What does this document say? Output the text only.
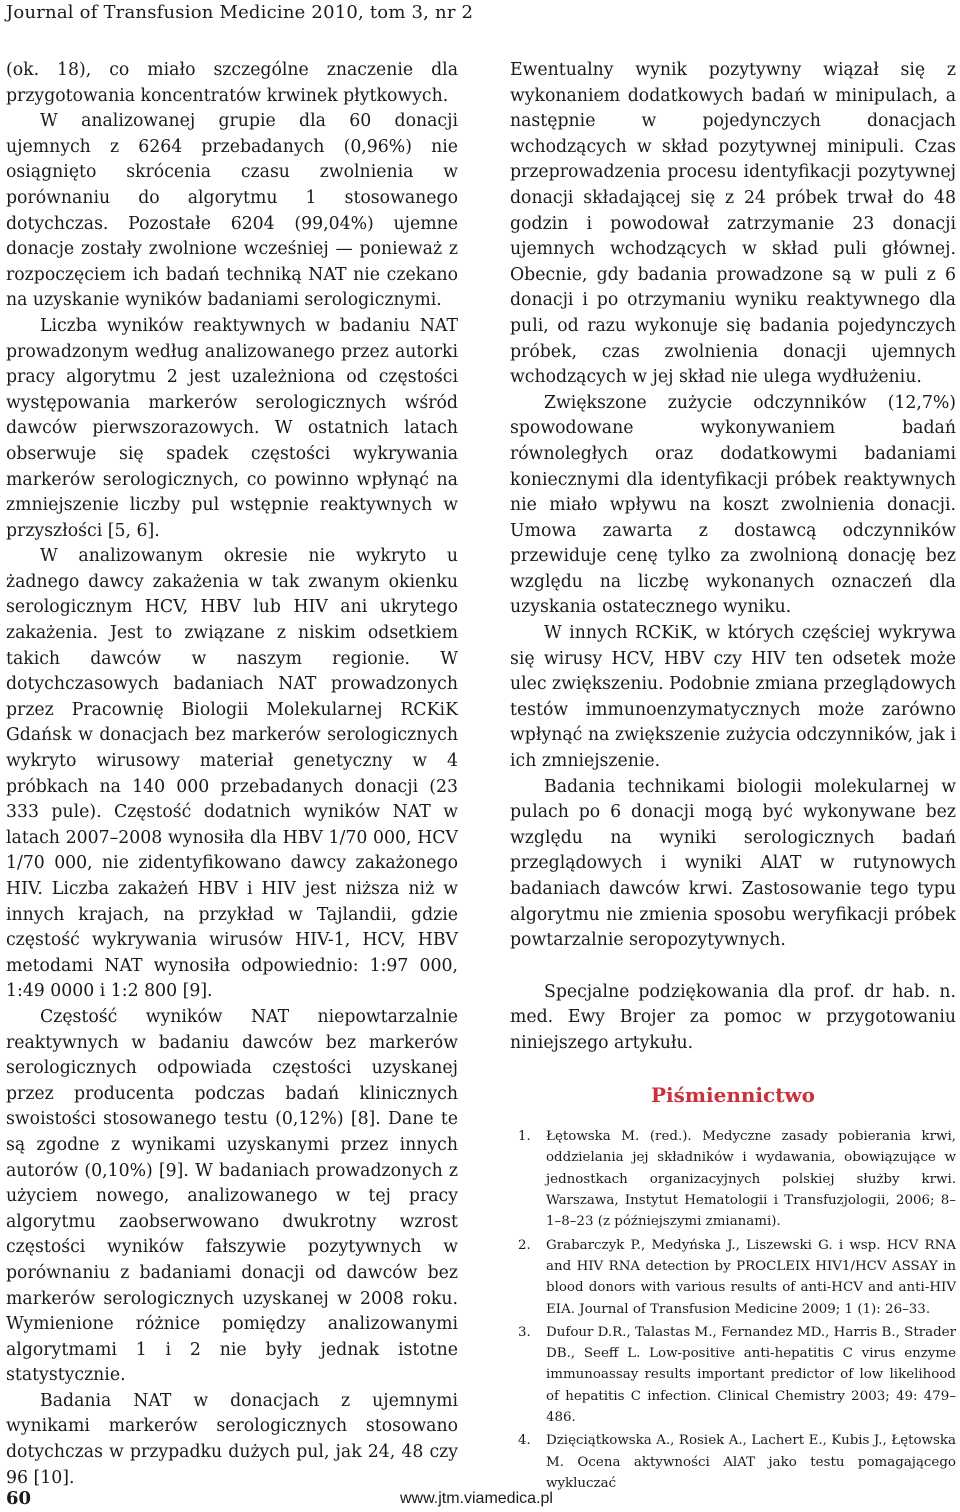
Journal of Transfusion Medicine 2010, tom 3, nr 2

(ok. 18), co miało szczególne znaczenie dla przygotowania koncentratów krwinek płytkowych.

W analizowanej grupie dla 60 donacji ujemnych z 6264 przebadanych (0,96%) nie osiągnięto skrócenia czasu zwolnienia w porównaniu do algorytmu 1 stosowanego dotychczas. Pozostałe 6204 (99,04%) ujemne donacje zostały zwolnione wcześniej — ponieważ z rozpoczęciem ich badań techniką NAT nie czekano na uzyskanie wyników badaniami serologicznymi.

Liczba wyników reaktywnych w badaniu NAT prowadzonym według analizowanego przez autorki pracy algorytmu 2 jest uzależniona od częstości występowania markerów serologicznych wśród dawców pierwszorazowych. W ostatnich latach obserwuje się spadek częstości wykrywania markerów serologicznych, co powinno wpłynąć na zmniejszenie liczby pul wstępnie reaktywnych w przyszłości [5, 6].

W analizowanym okresie nie wykryto u żadnego dawcy zakażenia w tak zwanym okienku serologicznym HCV, HBV lub HIV ani ukrytego zakażenia. Jest to związane z niskim odsetkiem takich dawców w naszym regionie. W dotychczasowych badaniach NAT prowadzonych przez Pracownię Biologii Molekularnej RCKiK Gdańsk w donacjach bez markerów serologicznych wykryto wirusowy materiał genetyczny w 4 próbkach na 140 000 przebadanych donacji (23 333 pule). Częstość dodatnich wyników NAT w latach 2007–2008 wynosiła dla HBV 1/70 000, HCV 1/70 000, nie zidentyfikowano dawcy zakażonego HIV. Liczba zakażeń HBV i HIV jest niższa niż w innych krajach, na przykład w Tajlandii, gdzie częstość wykrywania wirusów HIV-1, HCV, HBV metodami NAT wynosiła odpowiednio: 1:97 000, 1:49 0000 i 1:2 800 [9].

Częstość wyników NAT niepowtarzalnie reaktywnych w badaniu dawców bez markerów serologicznych odpowiada częstości uzyskanej przez producenta podczas badań klinicznych swoistości stosowanego testu (0,12%) [8]. Dane te są zgodne z wynikami uzyskanymi przez innych autorów (0,10%) [9]. W badaniach prowadzonych z użyciem nowego, analizowanego w tej pracy algorytmu zaobserwowano dwukrotny wzrost częstości wyników fałszywie pozytywnych w porównaniu z badaniami donacji od dawców bez markerów serologicznych uzyskanej w 2008 roku. Wymienione różnice pomiędzy analizowanymi algorytmami 1 i 2 nie były jednak istotne statystycznie.

Badania NAT w donacjach z ujemnymi wynikami markerów serologicznych stosowano dotychczas w przypadku dużych pul, jak 24, 48 czy 96 [10].

Ewentualny wynik pozytywny wiązał się z wykonaniem dodatkowych badań w minipulach, a następnie w pojedynczych donacjach wchodzących w skład pozytywnej minipuli. Czas przeprowadzenia procesu identyfikacji pozytywnej donacji składającej się z 24 próbek trwał do 48 godzin i powodował zatrzymanie 23 donacji ujemnych wchodzących w skład puli głównej. Obecnie, gdy badania prowadzone są w puli z 6 donacji i po otrzymaniu wyniku reaktywnego dla puli, od razu wykonuje się badania pojedynczych próbek, czas zwolnienia donacji ujemnych wchodzących w jej skład nie ulega wydłużeniu.

Zwiększone zużycie odczynników (12,7%) spowodowane wykonywaniem badań równoległych oraz dodatkowymi badaniami koniecznymi dla identyfikacji próbek reaktywnych nie miało wpływu na koszt zwolnienia donacji. Umowa zawarta z dostawcą odczynników przewiduje cenę tylko za zwolnioną donację bez względu na liczbę wykonanych oznaczeń dla uzyskania ostatecznego wyniku.

W innych RCKiK, w których częściej wykrywa się wirusy HCV, HBV czy HIV ten odsetek może ulec zwiększeniu. Podobnie zmiana przeglądowych testów immunoenzymatycznych może zarówno wpłynąć na zwiększenie zużycia odczynników, jak i ich zmniejszenie.

Badania technikami biologii molekularnej w pulach po 6 donacji mogą być wykonywane bez względu na wyniki serologicznych badań przeglądowych i wyniki AlAT w rutynowych badaniach dawców krwi. Zastosowanie tego typu algorytmu nie zmienia sposobu weryfikacji próbek powtarzalnie seropozytywnych.

Specjalne podziękowania dla prof. dr hab. n. med. Ewy Brojer za pomoc w przygotowaniu niniejszego artykułu.

Piśmiennictwo
1. Łętowska M. (red.). Medyczne zasady pobierania krwi, oddzielania jej składników i wydawania, obowiązujące w jednostkach organizacyjnych polskiej służby krwi. Warszawa, Instytut Hematologii i Transfuzjologii, 2006; 8–1–8–23 (z późniejszymi zmianami).
2. Grabarczyk P., Medyńska J., Liszewski G. i wsp. HCV RNA and HIV RNA detection by PROCLEIX HIV1/HCV ASSAY in blood donors with various results of anti-HCV and anti-HIV EIA. Journal of Transfusion Medicine 2009; 1 (1): 26–33.
3. Dufour D.R., Talastas M., Fernandez MD., Harris B., Strader DB., Seeff L. Low-positive anti-hepatitis C virus enzyme immunoassay results important predictor of low likelihood of hepatitis C infection. Clinical Chemistry 2003; 49: 479–486.
4. Dzięciątkowska A., Rosiek A., Lachert E., Kubis J., Łętowska M. Ocena aktywności AlAT jako testu pomagającego wykluczać
60	www.jtm.viamedica.pl
